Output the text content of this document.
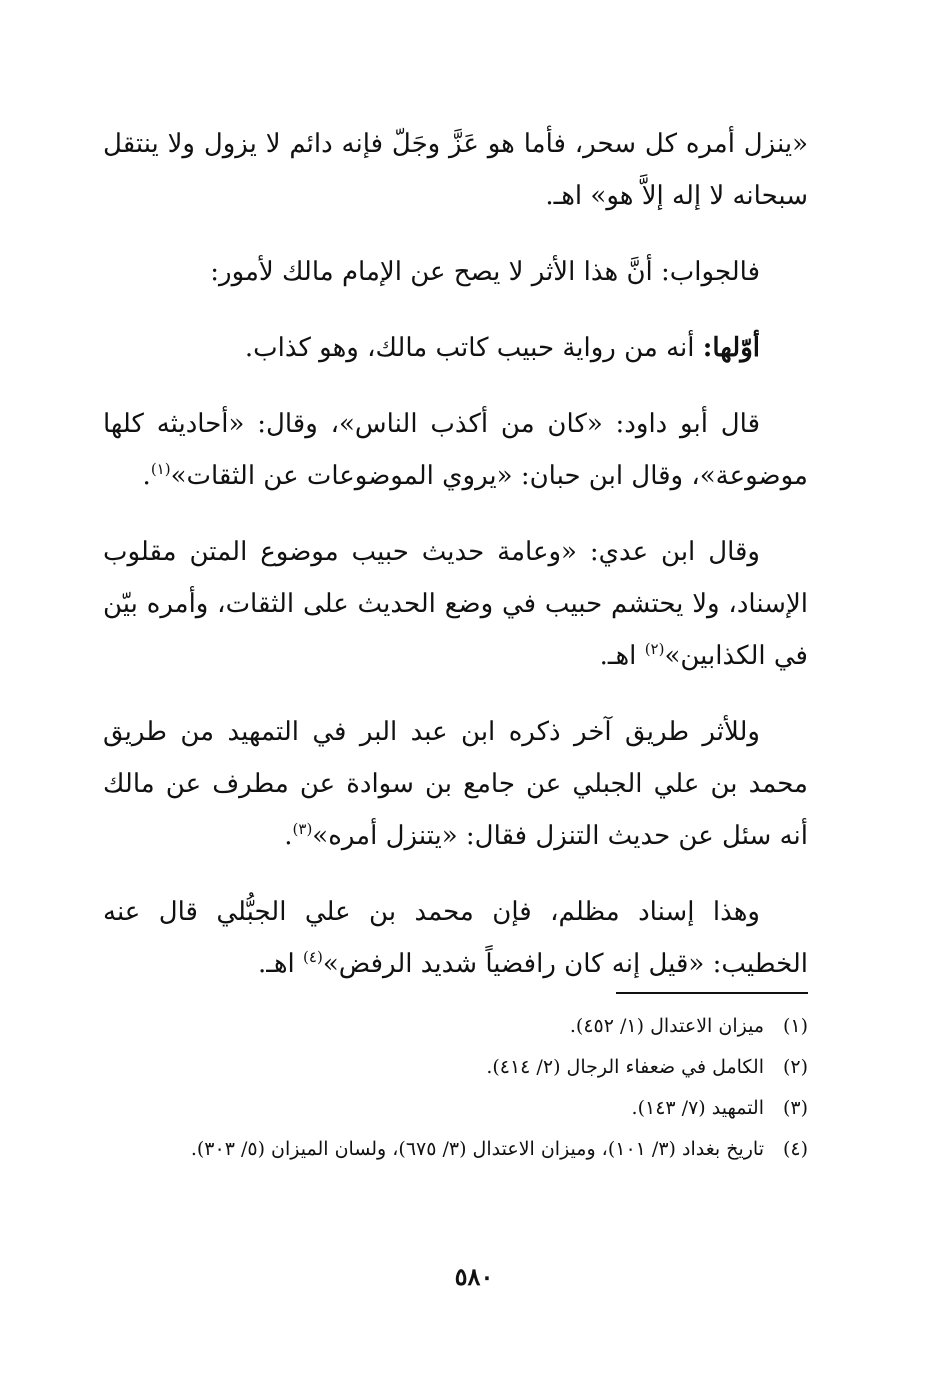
«ينزل أمره كل سحر، فأما هو عَزَّ وجَلّ فإنه دائم لا يزول ولا ينتقل سبحانه لا إله إلاَّ هو» اهـ.

فالجواب: أنَّ هذا الأثر لا يصح عن الإمام مالك لأمور:

أوّلها: أنه من رواية حبيب كاتب مالك، وهو كذاب.

قال أبو داود: «كان من أكذب الناس»، وقال: «أحاديثه كلها موضوعة»، وقال ابن حبان: «يروي الموضوعات عن الثقات»$^{(١)}$.

وقال ابن عدي: «وعامة حديث حبيب موضوع المتن مقلوب الإسناد، ولا يحتشم حبيب في وضع الحديث على الثقات، وأمره بيّن في الكذابين»$^{(٢)}$ اهـ.

وللأثر طريق آخر ذكره ابن عبد البر في التمهيد من طريق محمد بن علي الجبلي عن جامع بن سوادة عن مطرف عن مالك أنه سئل عن حديث التنزل فقال: «يتنزل أمره»$^{(٣)}$.

وهذا إسناد مظلم، فإن محمد بن علي الجبُّلي قال عنه الخطيب: «قيل إنه كان رافضياً شديد الرفض»$^{(٤)}$ اهـ.

(١)
ميزان الاعتدال (١/ ٤٥٢).
(٢)
الكامل في ضعفاء الرجال (٢/ ٤١٤).
(٣)
التمهيد (٧/ ١٤٣).
(٤)
تاريخ بغداد (٣/ ١٠١)، وميزان الاعتدال (٣/ ٦٧٥)، ولسان الميزان (٥/ ٣٠٣).
٥٨٠
